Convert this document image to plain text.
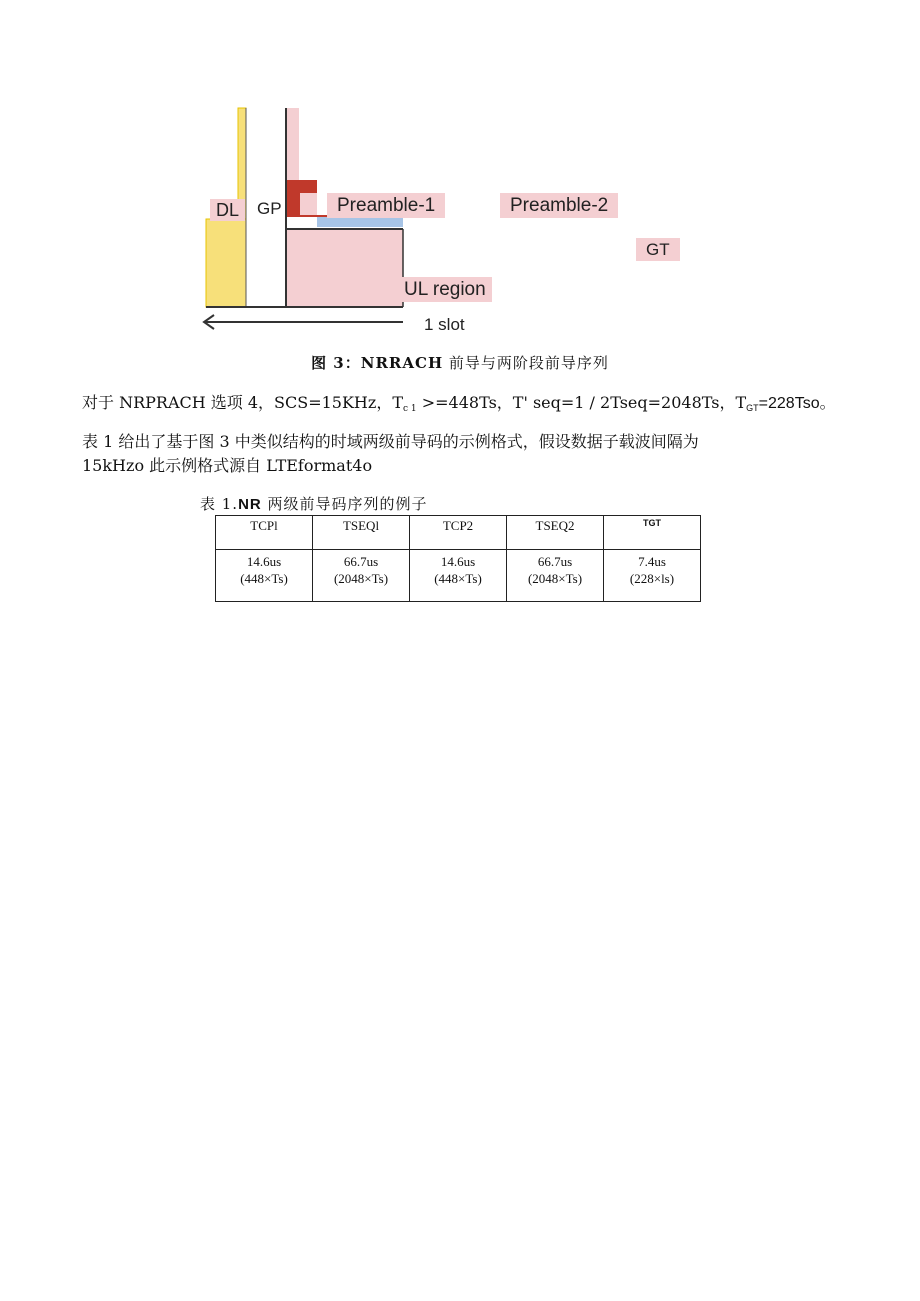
DL	GP	Preamble-1	Preamble-2
GT
UL region
1 slot
图 3：NRRACH 前导与两阶段前导序列
对于 NRPRACH 选项 4，SCS=15KHz，$T_{c 1} >=448Ts$，T' seq=1 / 2Tseq=2048Ts，$T_{GT}=228Tso$。
表 1 给出了基于图 3 中类似结构的时域两级前导码的示例格式，假设数据子载波间隔为
15kHzo 此示例格式源自 LTEformat4o
表 1.NR 两级前导码序列的例子
TCPl	TSEQl	TCP2	TSEQ2	TGT
14.6us
(448×Ts)	66.7us
(2048×Ts)	14.6us
(448×Ts)	66.7us
(2048×Ts)	7.4us
(228×ls)
